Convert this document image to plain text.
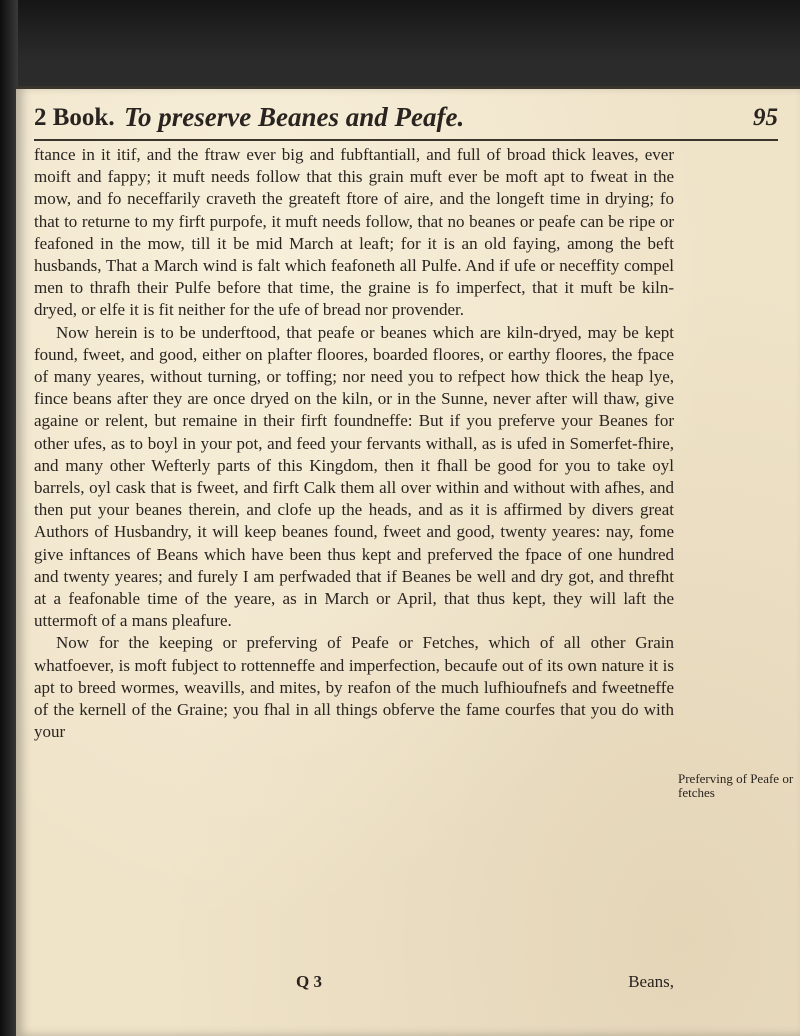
2 Book. To preserve Beanes and Peafe.	95

ftance in it itif, and the ftraw ever big and fubftantiall, and full of broad thick leaves, ever moift and fappy; it muft needs follow that this grain muft ever be moft apt to fweat in the mow, and fo neceffarily craveth the greateft ftore of aire, and the longeft time in drying; fo that to returne to my firft purpofe, it muft needs follow, that no beanes or peafe can be ripe or feafoned in the mow, till it be mid March at leaft; for it is an old faying, among the beft husbands, That a March wind is falt which feafoneth all Pulfe. And if ufe or neceffity compel men to thrafh their Pulfe before that time, the graine is fo imperfect, that it muft be kiln-dryed, or elfe it is fit neither for the ufe of bread nor provender.

Now herein is to be underftood, that peafe or beanes which are kiln-dryed, may be kept found, fweet, and good, either on plafter floores, boarded floores, or earthy floores, the fpace of many yeares, without turning, or toffing; nor need you to refpect how thick the heap lye, fince beans after they are once dryed on the kiln, or in the Sunne, never after will thaw, give againe or relent, but remaine in their firft foundneffe: But if you preferve your Beanes for other ufes, as to boyl in your pot, and feed your fervants withall, as is ufed in Somerfet-fhire, and many other Wefterly parts of this Kingdom, then it fhall be good for you to take oyl barrels, oyl cask that is fweet, and firft Calk them all over within and without with afhes, and then put your beanes therein, and clofe up the heads, and as it is affirmed by divers great Authors of Husbandry, it will keep beanes found, fweet and good, twenty yeares: nay, fome give inftances of Beans which have been thus kept and preferved the fpace of one hundred and twenty yeares; and furely I am perfwaded that if Beanes be well and dry got, and threfht at a feafonable time of the yeare, as in March or April, that thus kept, they will laft the uttermoft of a mans pleafure.

Now for the keeping or preferving of Peafe or Fetches, which of all other Grain whatfoever, is moft fubject to rottenneffe and imperfection, becaufe out of its own nature it is apt to breed wormes, weavills, and mites, by reafon of the much lufhioufnefs and fweetneffe of the kernell of the Graine; you fhal in all things obferve the fame courfes that you do with your

Preferving of Peafe or fetches
Q 3	Beans,
